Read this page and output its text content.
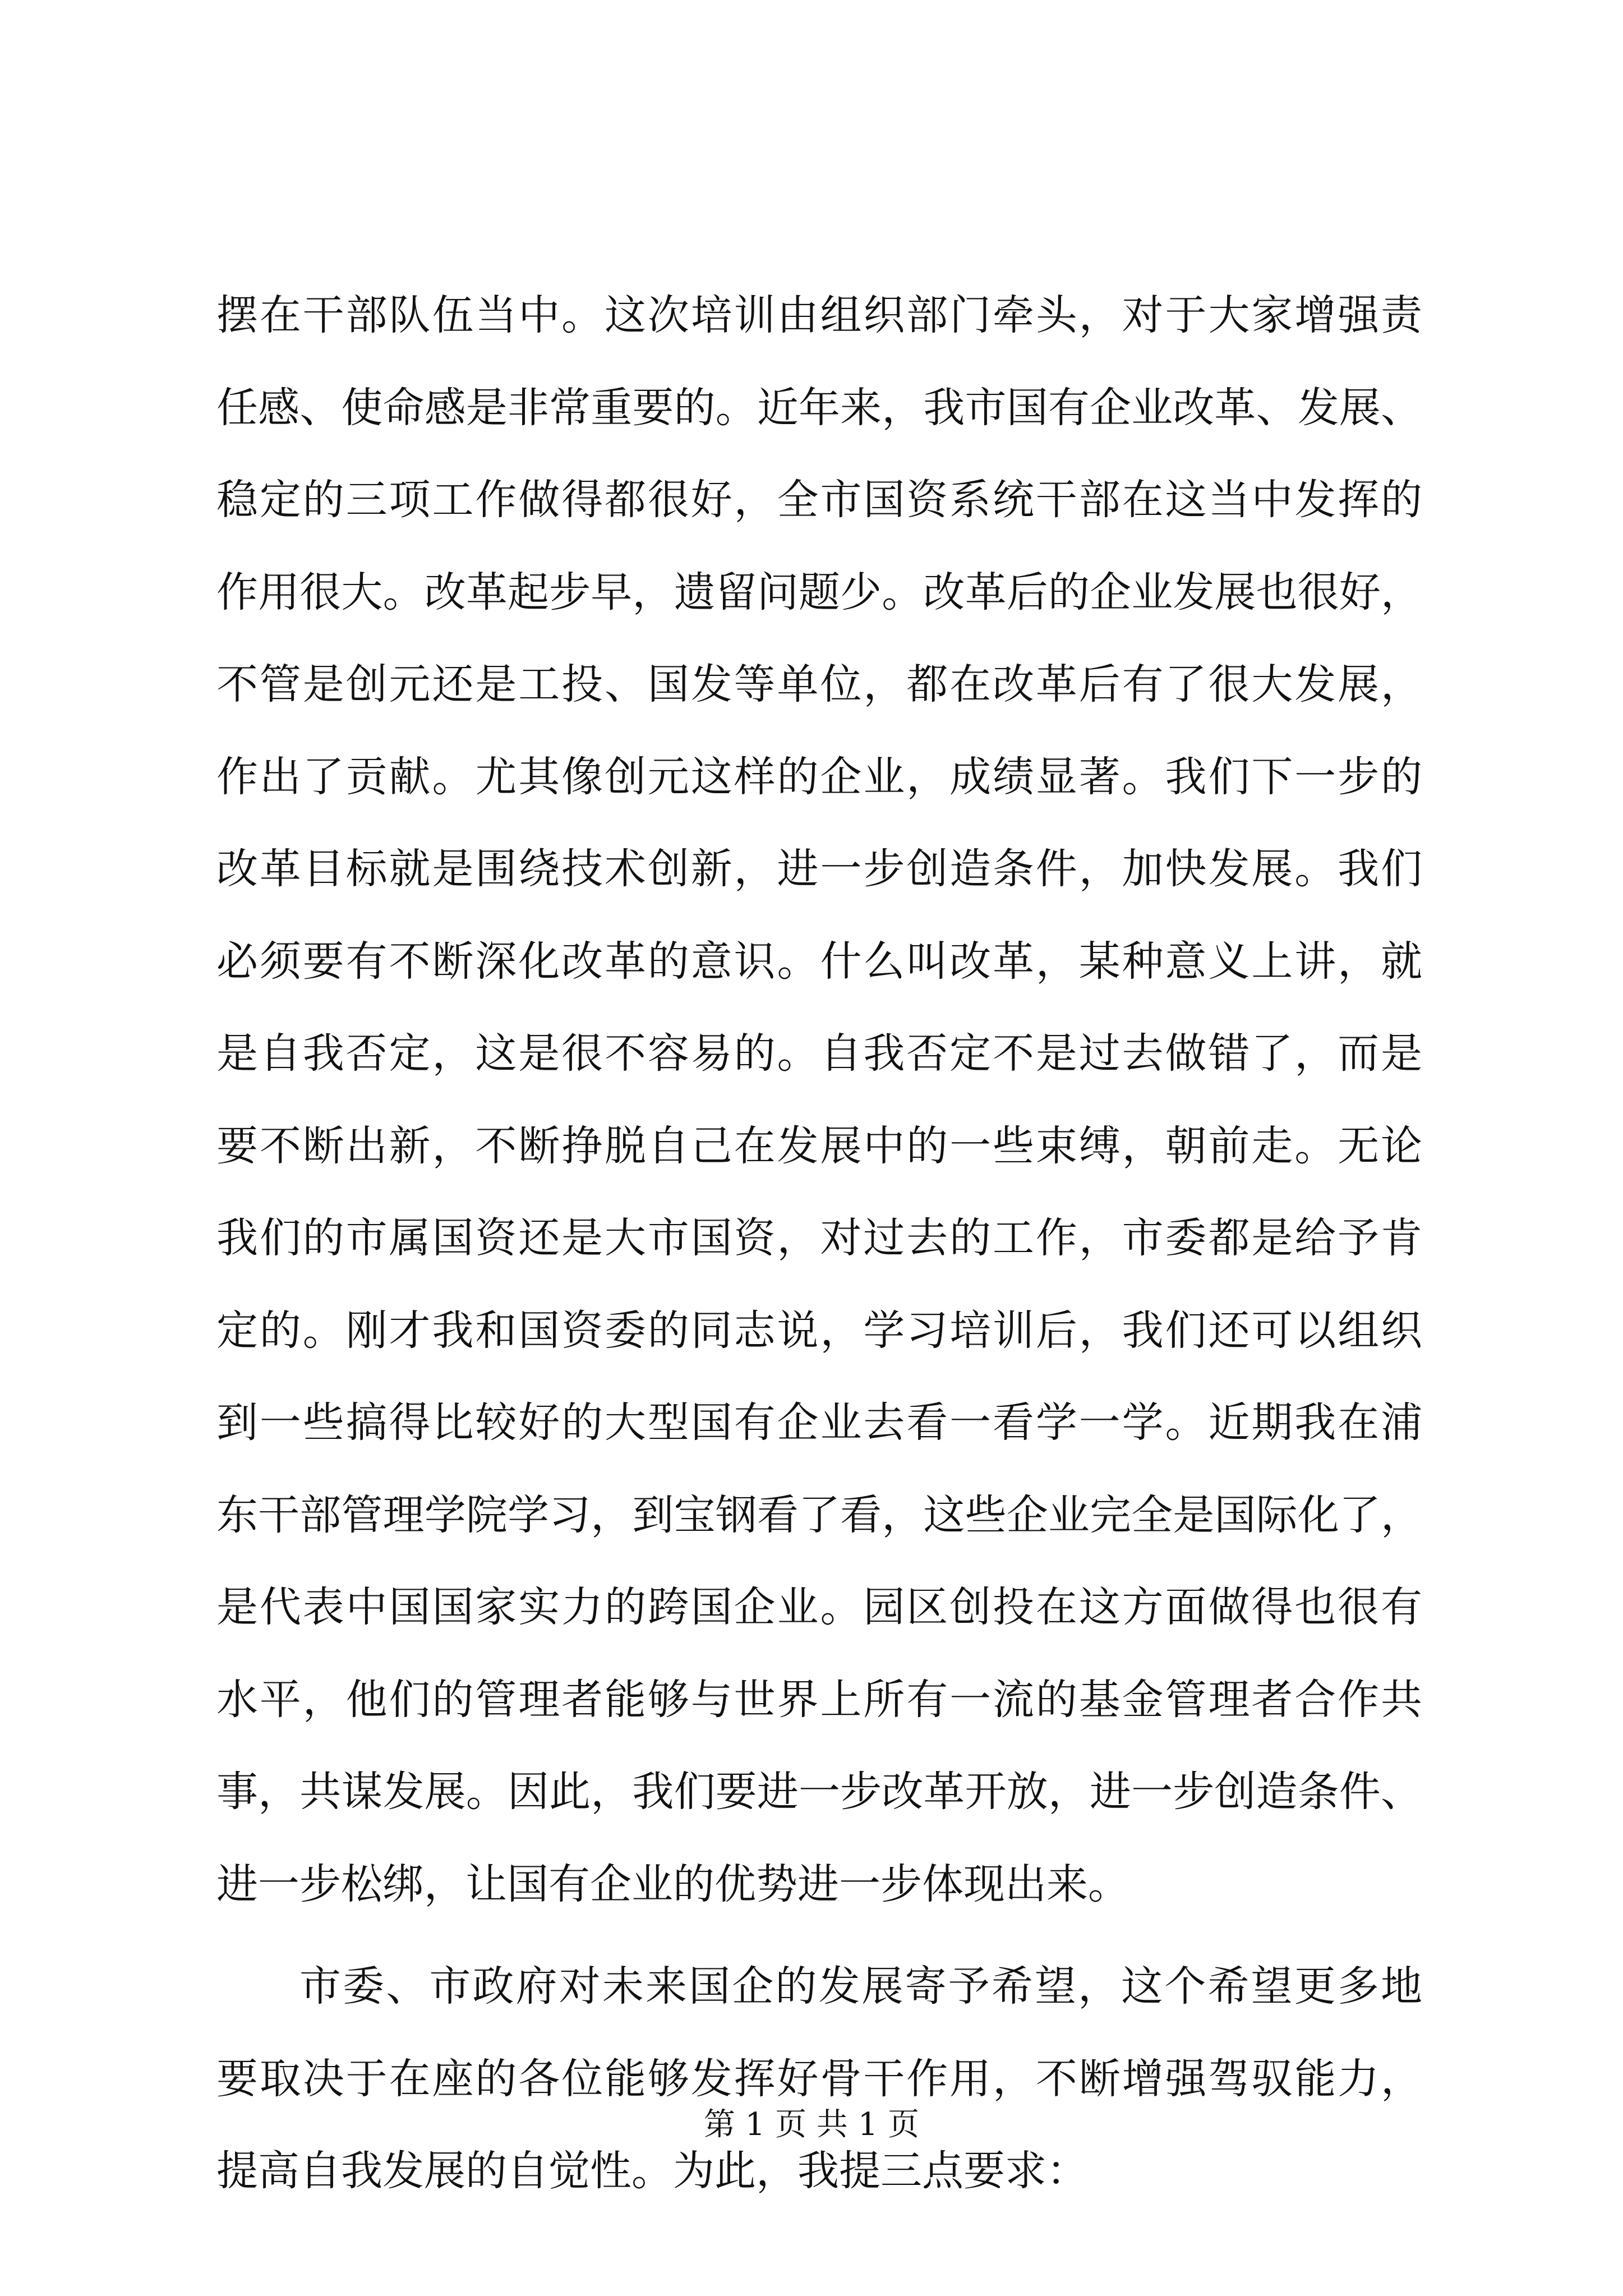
摆在干部队伍当中。这次培训由组织部门牵头，对于大家增强责
任感、使命感是非常重要的。近年来，我市国有企业改革、发展、
稳定的三项工作做得都很好，全市国资系统干部在这当中发挥的
作用很大。改革起步早，遗留问题少。改革后的企业发展也很好，
不管是创元还是工投、国发等单位，都在改革后有了很大发展，
作出了贡献。尤其像创元这样的企业，成绩显著。我们下一步的
改革目标就是围绕技术创新，进一步创造条件，加快发展。我们
必须要有不断深化改革的意识。什么叫改革，某种意义上讲，就
是自我否定，这是很不容易的。自我否定不是过去做错了，而是
要不断出新，不断挣脱自己在发展中的一些束缚，朝前走。无论
我们的市属国资还是大市国资，对过去的工作，市委都是给予肯
定的。刚才我和国资委的同志说，学习培训后，我们还可以组织
到一些搞得比较好的大型国有企业去看一看学一学。近期我在浦
东干部管理学院学习，到宝钢看了看，这些企业完全是国际化了，
是代表中国国家实力的跨国企业。园区创投在这方面做得也很有
水平，他们的管理者能够与世界上所有一流的基金管理者合作共
事，共谋发展。因此，我们要进一步改革开放，进一步创造条件、
进一步松绑，让国有企业的优势进一步体现出来。
市委、市政府对未来国企的发展寄予希望，这个希望更多地
要取决于在座的各位能够发挥好骨干作用，不断增强驾驭能力，
提高自我发展的自觉性。为此，我提三点要求：
第 1 页 共 1 页
